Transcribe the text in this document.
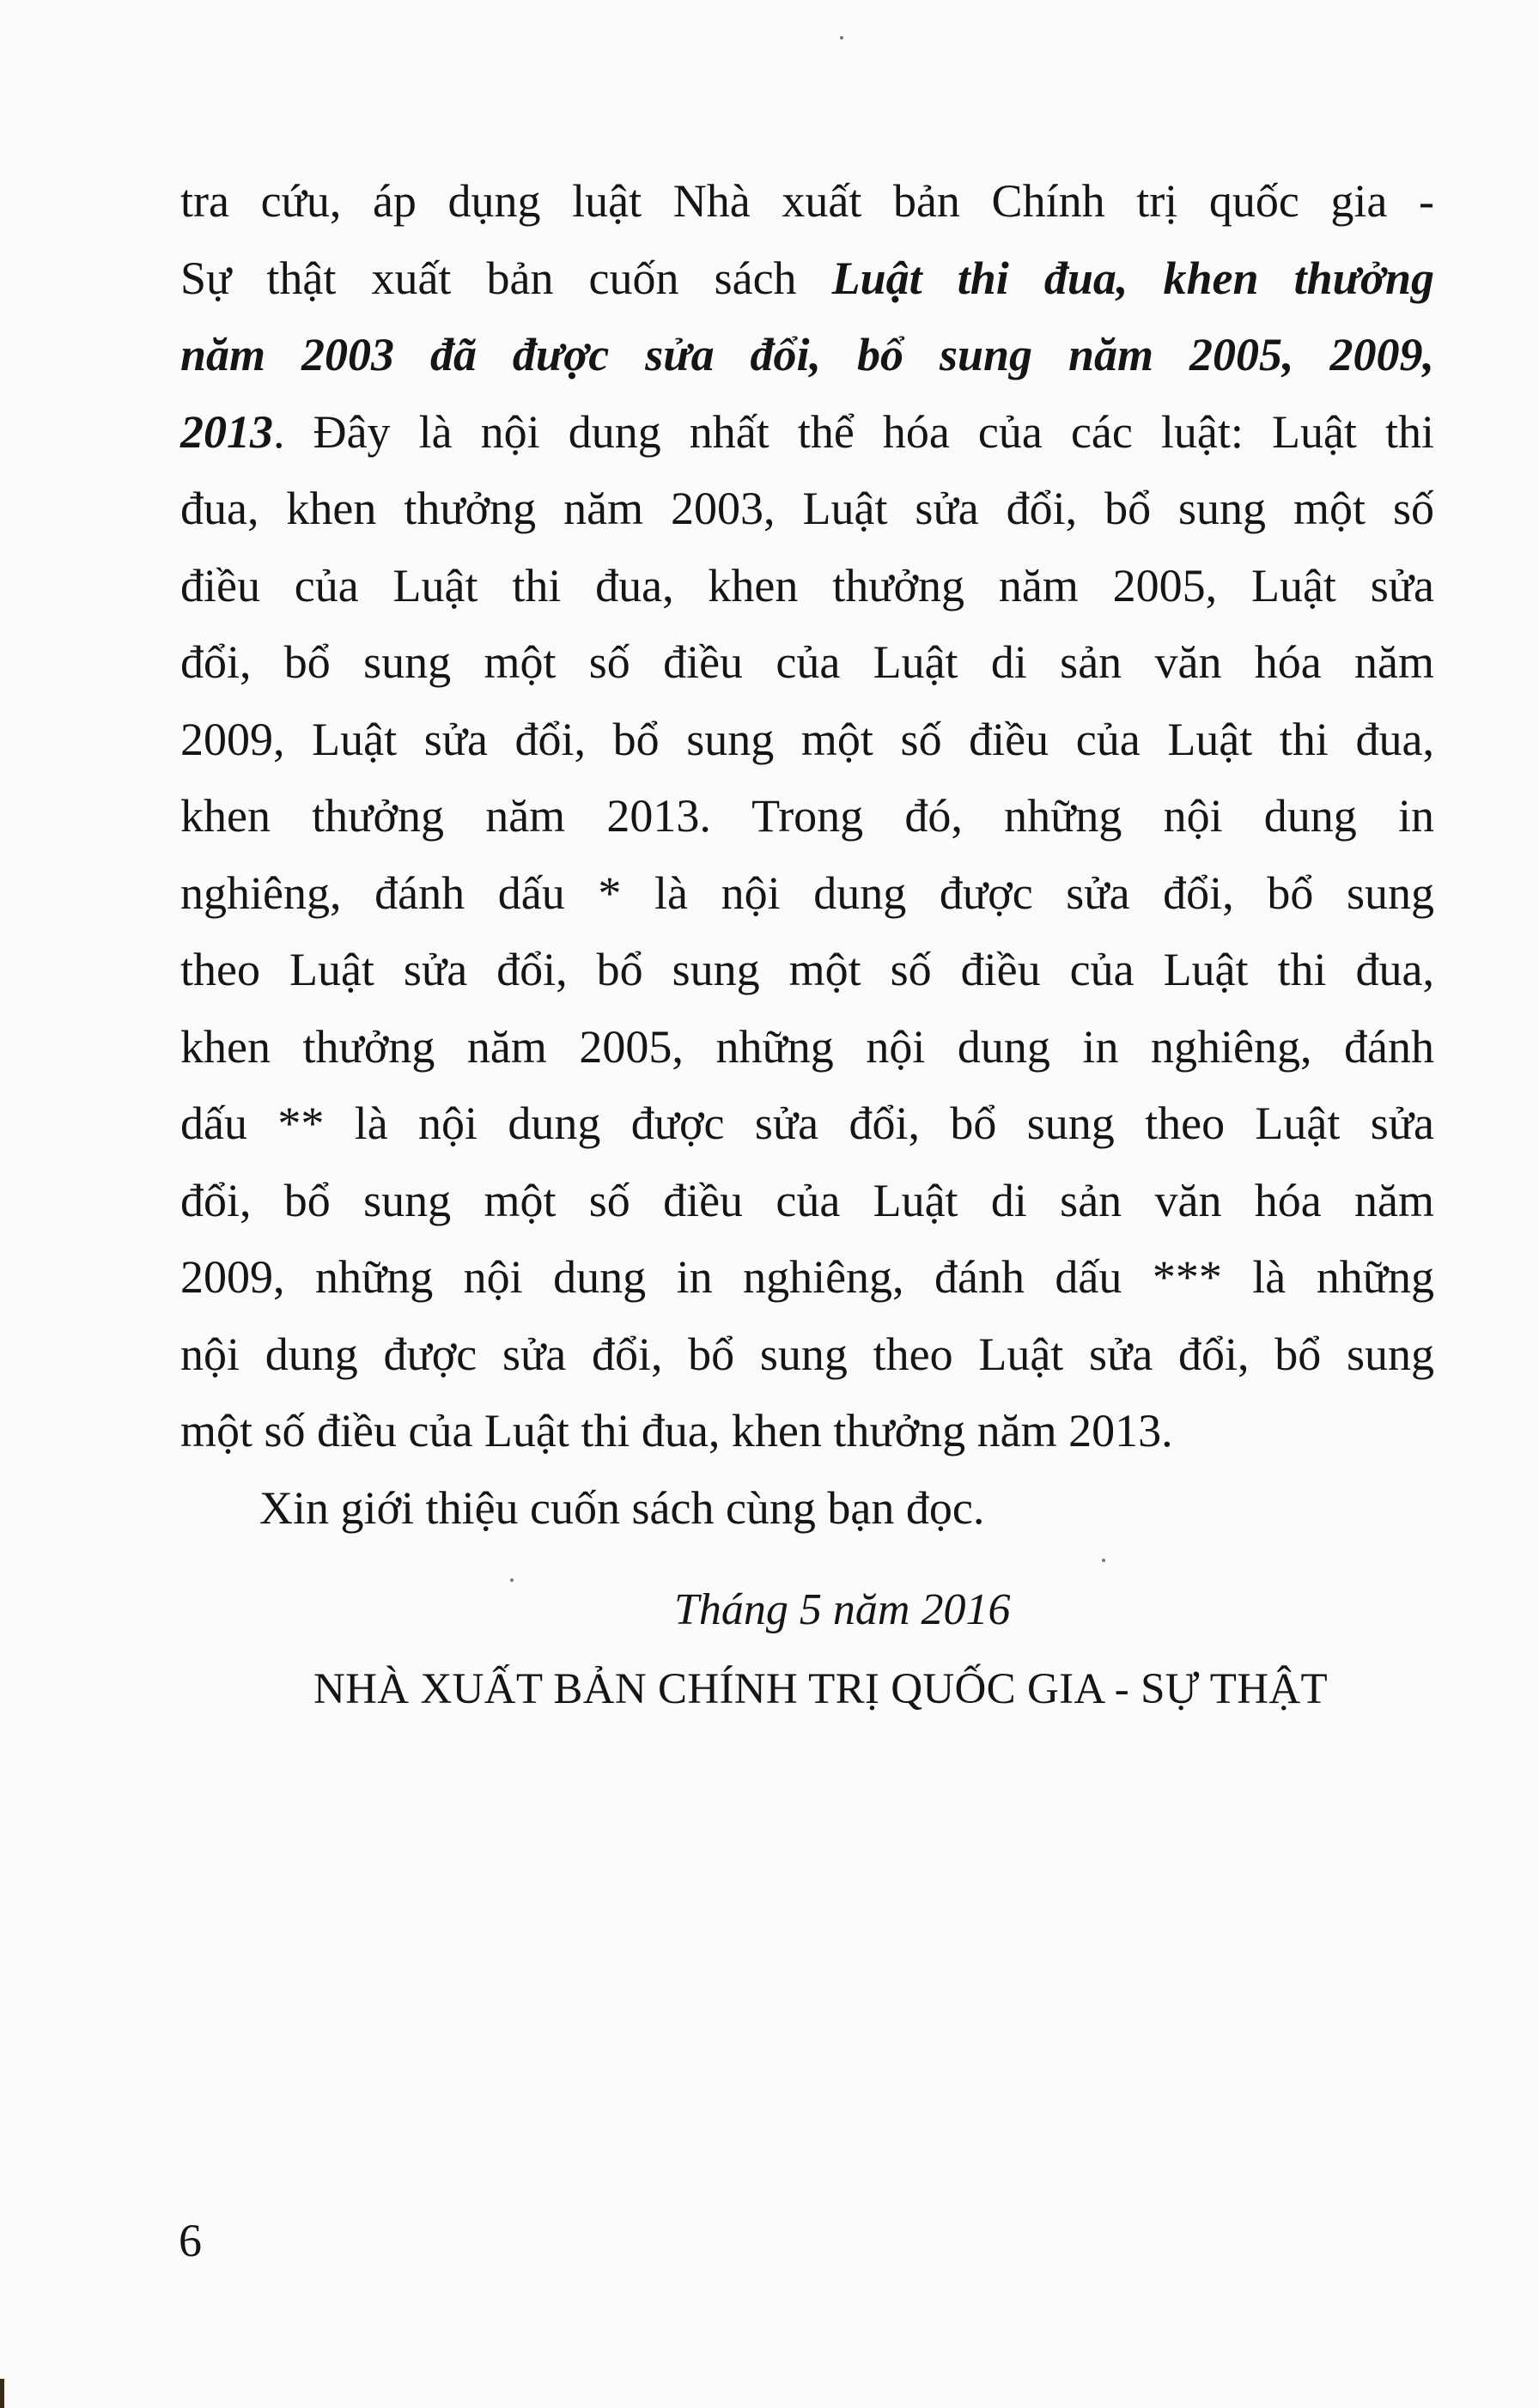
tra cứu, áp dụng luật Nhà xuất bản Chính trị quốc gia -
Sự thật xuất bản cuốn sách Luật thi đua, khen thưởng
năm 2003 đã được sửa đổi, bổ sung năm 2005, 2009,
2013. Đây là nội dung nhất thể hóa của các luật: Luật thi
đua, khen thưởng năm 2003, Luật sửa đổi, bổ sung một số
điều của Luật thi đua, khen thưởng năm 2005, Luật sửa
đổi, bổ sung một số điều của Luật di sản văn hóa năm
2009, Luật sửa đổi, bổ sung một số điều của Luật thi đua,
khen thưởng năm 2013. Trong đó, những nội dung in
nghiêng, đánh dấu * là nội dung được sửa đổi, bổ sung
theo Luật sửa đổi, bổ sung một số điều của Luật thi đua,
khen thưởng năm 2005, những nội dung in nghiêng, đánh
dấu ** là nội dung được sửa đổi, bổ sung theo Luật sửa
đổi, bổ sung một số điều của Luật di sản văn hóa năm
2009, những nội dung in nghiêng, đánh dấu *** là những
nội dung được sửa đổi, bổ sung theo Luật sửa đổi, bổ sung
một số điều của Luật thi đua, khen thưởng năm 2013.
Xin giới thiệu cuốn sách cùng bạn đọc.
Tháng 5 năm 2016
NHÀ XUẤT BẢN CHÍNH TRỊ QUỐC GIA - SỰ THẬT
6
